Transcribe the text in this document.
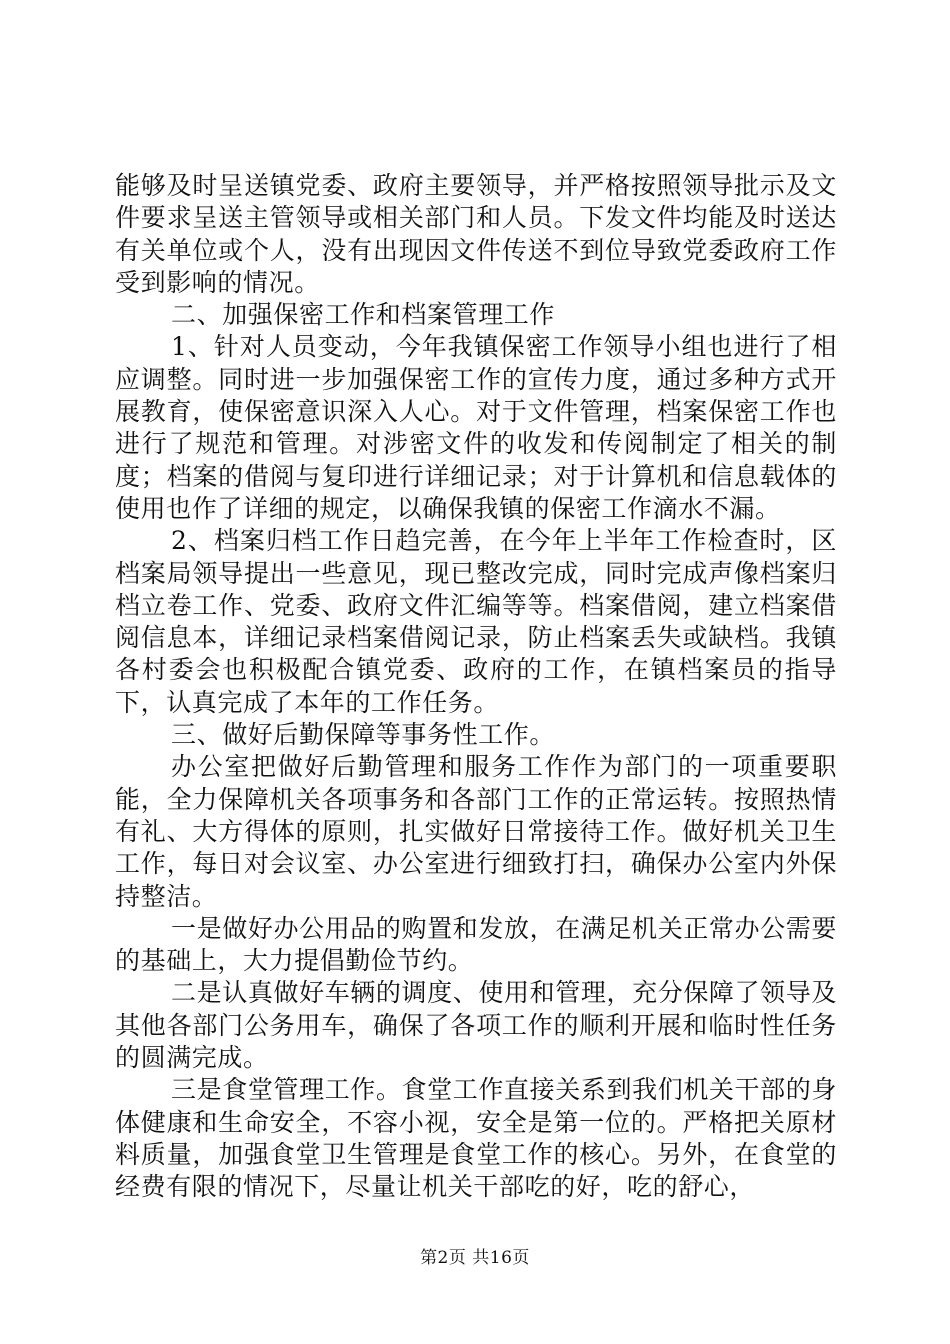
能够及时呈送镇党委、政府主要领导，并严格按照领导批示及文件要求呈送主管领导或相关部门和人员。下发文件均能及时送达有关单位或个人，没有出现因文件传送不到位导致党委政府工作受到影响的情况。

二、加强保密工作和档案管理工作

1、针对人员变动，今年我镇保密工作领导小组也进行了相应调整。同时进一步加强保密工作的宣传力度，通过多种方式开展教育，使保密意识深入人心。对于文件管理，档案保密工作也进行了规范和管理。对涉密文件的收发和传阅制定了相关的制度；档案的借阅与复印进行详细记录；对于计算机和信息载体的使用也作了详细的规定，以确保我镇的保密工作滴水不漏。

2、档案归档工作日趋完善，在今年上半年工作检查时，区档案局领导提出一些意见，现已整改完成，同时完成声像档案归档立卷工作、党委、政府文件汇编等等。档案借阅，建立档案借阅信息本，详细记录档案借阅记录，防止档案丢失或缺档。我镇各村委会也积极配合镇党委、政府的工作，在镇档案员的指导下，认真完成了本年的工作任务。

三、做好后勤保障等事务性工作。

办公室把做好后勤管理和服务工作作为部门的一项重要职能，全力保障机关各项事务和各部门工作的正常运转。按照热情有礼、大方得体的原则，扎实做好日常接待工作。做好机关卫生工作，每日对会议室、办公室进行细致打扫，确保办公室内外保持整洁。

一是做好办公用品的购置和发放，在满足机关正常办公需要的基础上，大力提倡勤俭节约。

二是认真做好车辆的调度、使用和管理，充分保障了领导及其他各部门公务用车，确保了各项工作的顺利开展和临时性任务的圆满完成。

三是食堂管理工作。食堂工作直接关系到我们机关干部的身体健康和生命安全，不容小视，安全是第一位的。严格把关原材料质量，加强食堂卫生管理是食堂工作的核心。另外，在食堂的经费有限的情况下，尽量让机关干部吃的好，吃的舒心，

第2页 共16页
